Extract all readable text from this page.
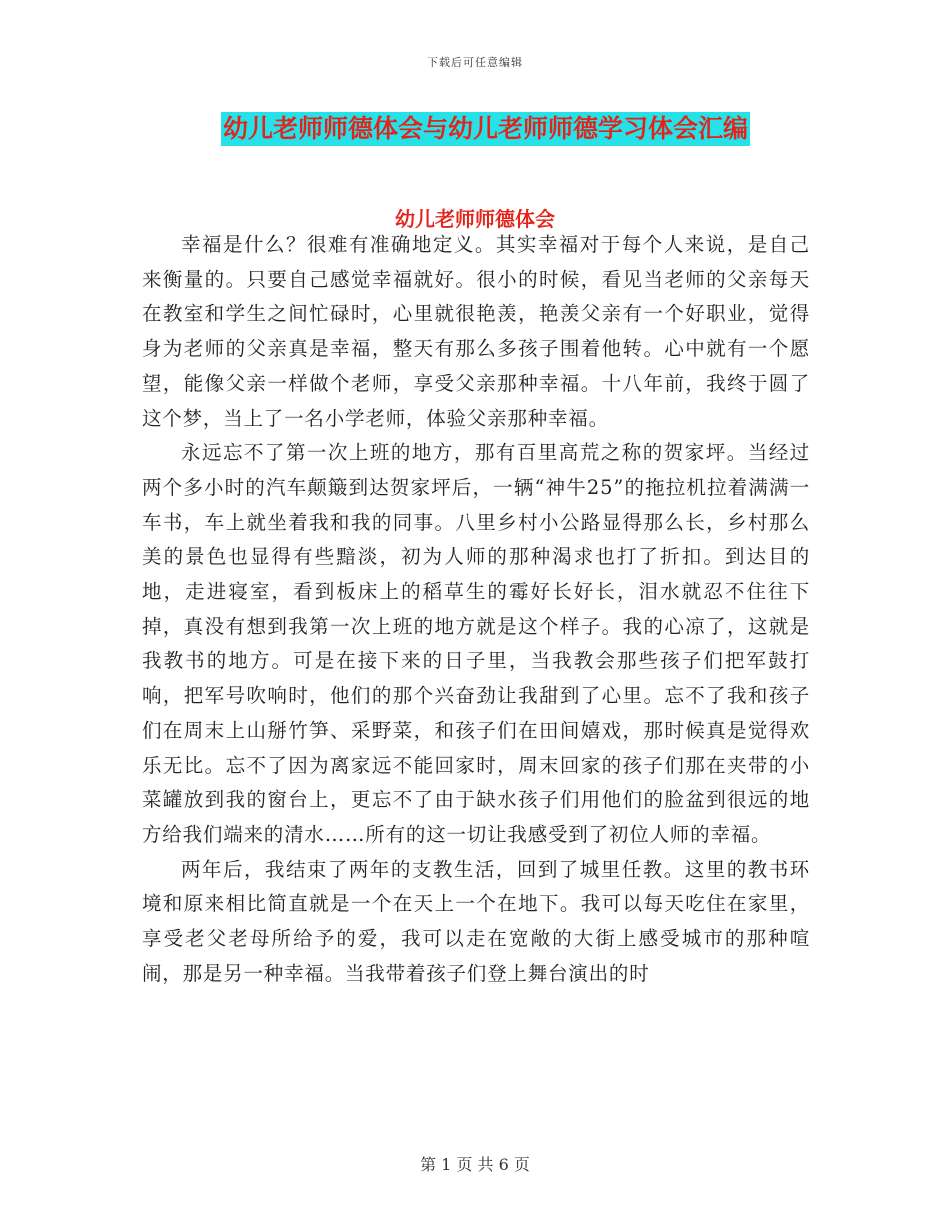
下载后可任意编辑
幼儿老师师德体会与幼儿老师师德学习体会汇编
幼儿老师师德体会

幸福是什么？很难有准确地定义。其实幸福对于每个人来说，是自己来衡量的。只要自己感觉幸福就好。很小的时候，看见当老师的父亲每天在教室和学生之间忙碌时，心里就很艳羡，艳羡父亲有一个好职业，觉得身为老师的父亲真是幸福，整天有那么多孩子围着他转。心中就有一个愿望，能像父亲一样做个老师，享受父亲那种幸福。十八年前，我终于圆了这个梦，当上了一名小学老师，体验父亲那种幸福。

永远忘不了第一次上班的地方，那有百里高荒之称的贺家坪。当经过两个多小时的汽车颠簸到达贺家坪后，一辆“神牛25”的拖拉机拉着满满一车书，车上就坐着我和我的同事。八里乡村小公路显得那么长，乡村那么美的景色也显得有些黯淡，初为人师的那种渴求也打了折扣。到达目的地，走进寝室，看到板床上的稻草生的霉好长好长，泪水就忍不住往下掉，真没有想到我第一次上班的地方就是这个样子。我的心凉了，这就是我教书的地方。可是在接下来的日子里，当我教会那些孩子们把军鼓打响，把军号吹响时，他们的那个兴奋劲让我甜到了心里。忘不了我和孩子们在周末上山掰竹笋、采野菜，和孩子们在田间嬉戏，那时候真是觉得欢乐无比。忘不了因为离家远不能回家时，周末回家的孩子们那在夹带的小菜罐放到我的窗台上，更忘不了由于缺水孩子们用他们的脸盆到很远的地方给我们端来的清水……所有的这一切让我感受到了初位人师的幸福。

两年后，我结束了两年的支教生活，回到了城里任教。这里的教书环境和原来相比简直就是一个在天上一个在地下。我可以每天吃住在家里，享受老父老母所给予的爱，我可以走在宽敞的大街上感受城市的那种喧闹，那是另一种幸福。当我带着孩子们登上舞台演出的时

第 1 页 共 6 页
